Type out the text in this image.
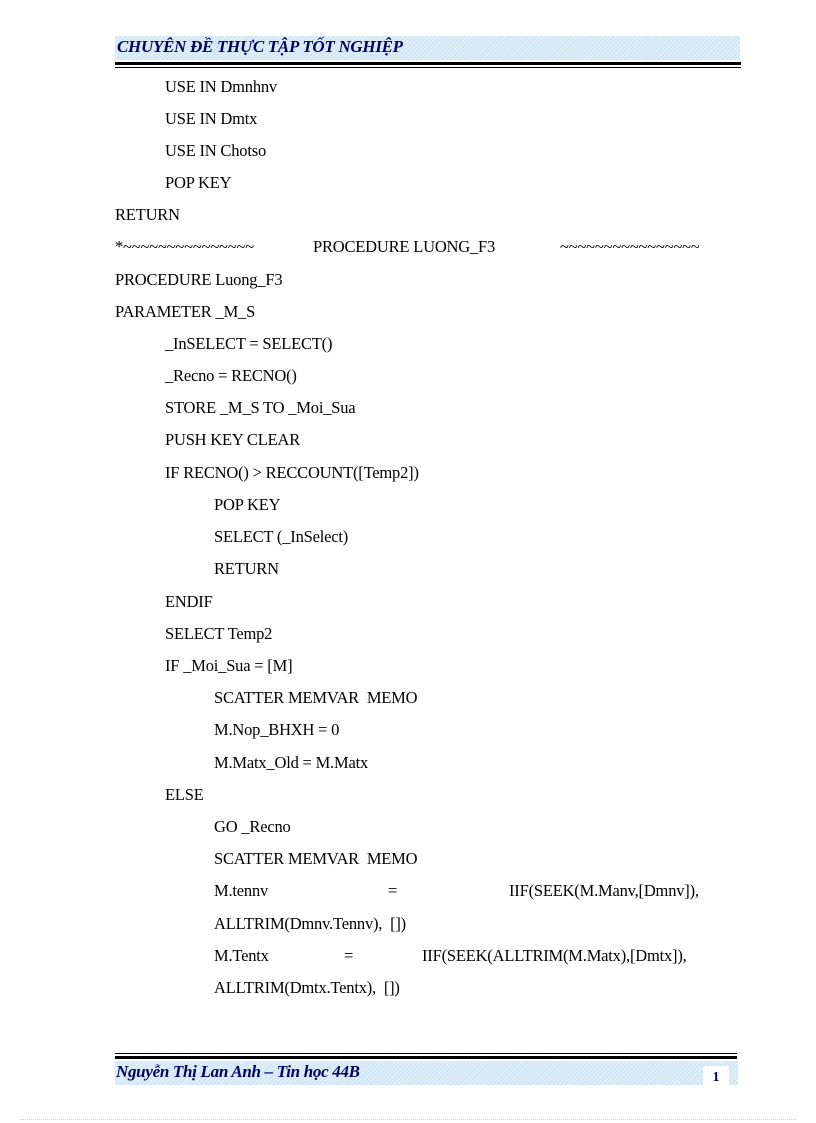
CHUYÊN ĐỀ THỰC TẬP TỐT NGHIỆP
USE IN Dmnhnv
USE IN Dmtx
USE IN Chotso
POP KEY
RETURN
*~~~~~~~~~~~~~~~	PROCEDURE LUONG_F3	~~~~~~~~~~~~~~~~
PROCEDURE Luong_F3
PARAMETER _M_S
_InSELECT = SELECT()
_Recno = RECNO()
STORE _M_S TO _Moi_Sua
PUSH KEY CLEAR
IF RECNO() > RECCOUNT([Temp2])
POP KEY
SELECT (_InSelect)
RETURN
ENDIF
SELECT Temp2
IF _Moi_Sua = [M]
SCATTER MEMVAR  MEMO
M.Nop_BHXH = 0
M.Matx_Old = M.Matx
ELSE
GO _Recno
SCATTER MEMVAR  MEMO
M.tennv	=	IIF(SEEK(M.Manv,[Dmnv]),
ALLTRIM(Dmnv.Tennv),  [])
M.Tentx	=	IIF(SEEK(ALLTRIM(M.Matx),[Dmtx]),
ALLTRIM(Dmtx.Tentx),  [])
Nguyễn Thị Lan Anh – Tin học 44B	1
